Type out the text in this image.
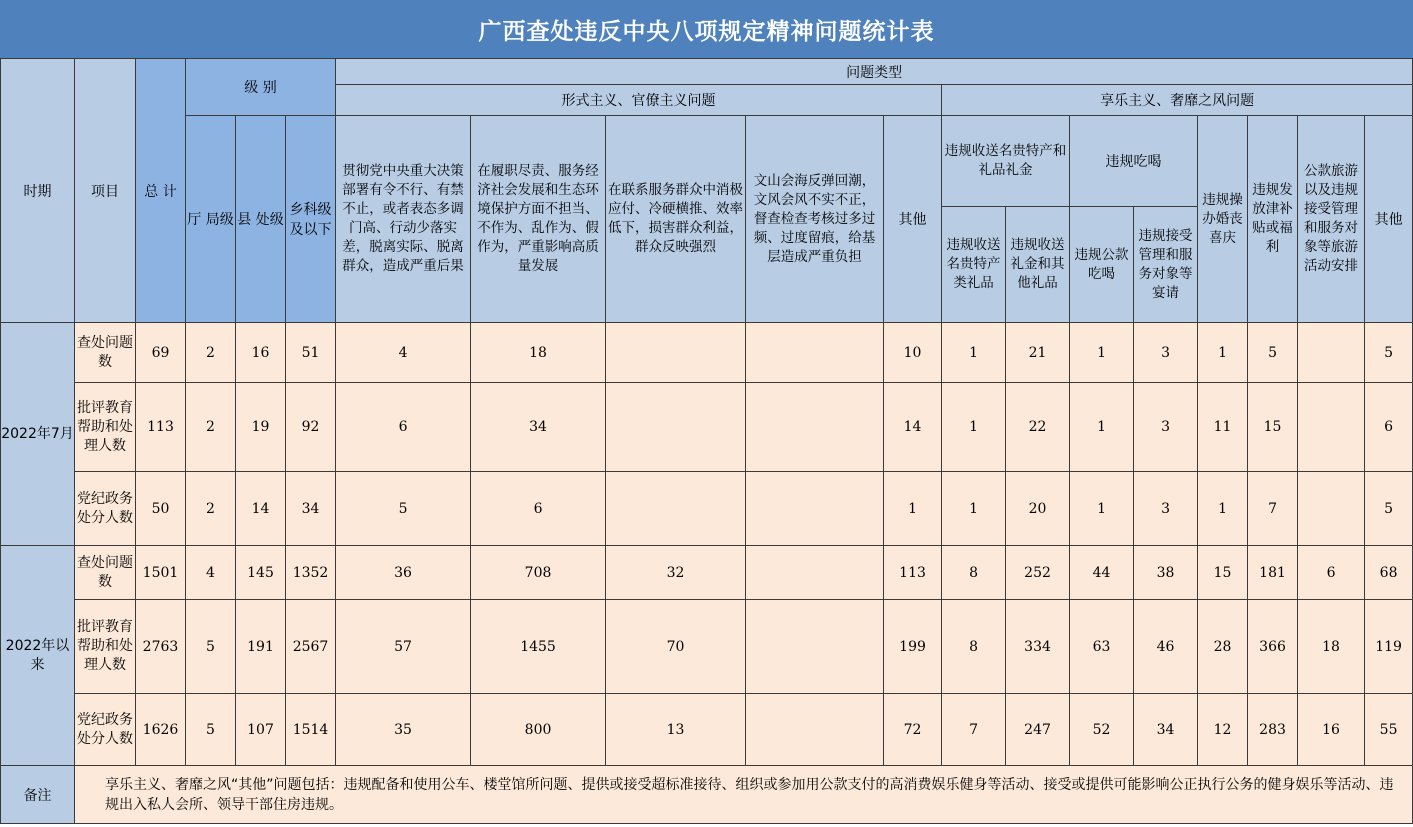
广西查处违反中央八项规定精神问题统计表
时期	项目	总 计	级 别			问题类型												
						形式主义、官僚主义问题					享乐主义、奢靡之风问题							
			厅 局级	县 处级	乡科级及以下	贯彻党中央重大决策部署有令不行、有禁不止，或者表态多调门高、行动少落实差，脱离实际、脱离群众，造成严重后果	在履职尽责、服务经济社会发展和生态环境保护方面不担当、不作为、乱作为、假作为，严重影响高质量发展	在联系服务群众中消极应付、冷硬横推、效率低下，损害群众利益，群众反映强烈	文山会海反弹回潮，文风会风不实不正，督查检查考核过多过频、过度留痕，给基层造成严重负担	其他	违规收送名贵特产和礼品礼金		违规吃喝		违规操办婚丧喜庆	违规发放津补贴或福利	公款旅游以及违规接受管理和服务对象等旅游活动安排	其他
											违规收送名贵特产类礼品	违规收送礼金和其他礼品	违规公款吃喝	违规接受管理和服务对象等宴请				
2022年7月	查处问题数	69	2	16	51	4	18			10	1	21	1	3	1	5		5
	批评教育帮助和处理人数	113	2	19	92	6	34			14	1	22	1	3	11	15		6
	党纪政务处分人数	50	2	14	34	5	6			1	1	20	1	3	1	7		5
2022年以来	查处问题数	1501	4	145	1352	36	708	32		113	8	252	44	38	15	181	6	68
	批评教育帮助和处理人数	2763	5	191	2567	57	1455	70		199	8	334	63	46	28	366	18	119
	党纪政务处分人数	1626	5	107	1514	35	800	13		72	7	247	52	34	12	283	16	55
备注	享乐主义、奢靡之风“其他”问题包括：违规配备和使用公车、楼堂馆所问题、提供或接受超标准接待、组织或参加用公款支付的高消费娱乐健身等活动、接受或提供可能影响公正执行公务的健身娱乐等活动、违规出入私人会所、领导干部住房违规。																	
